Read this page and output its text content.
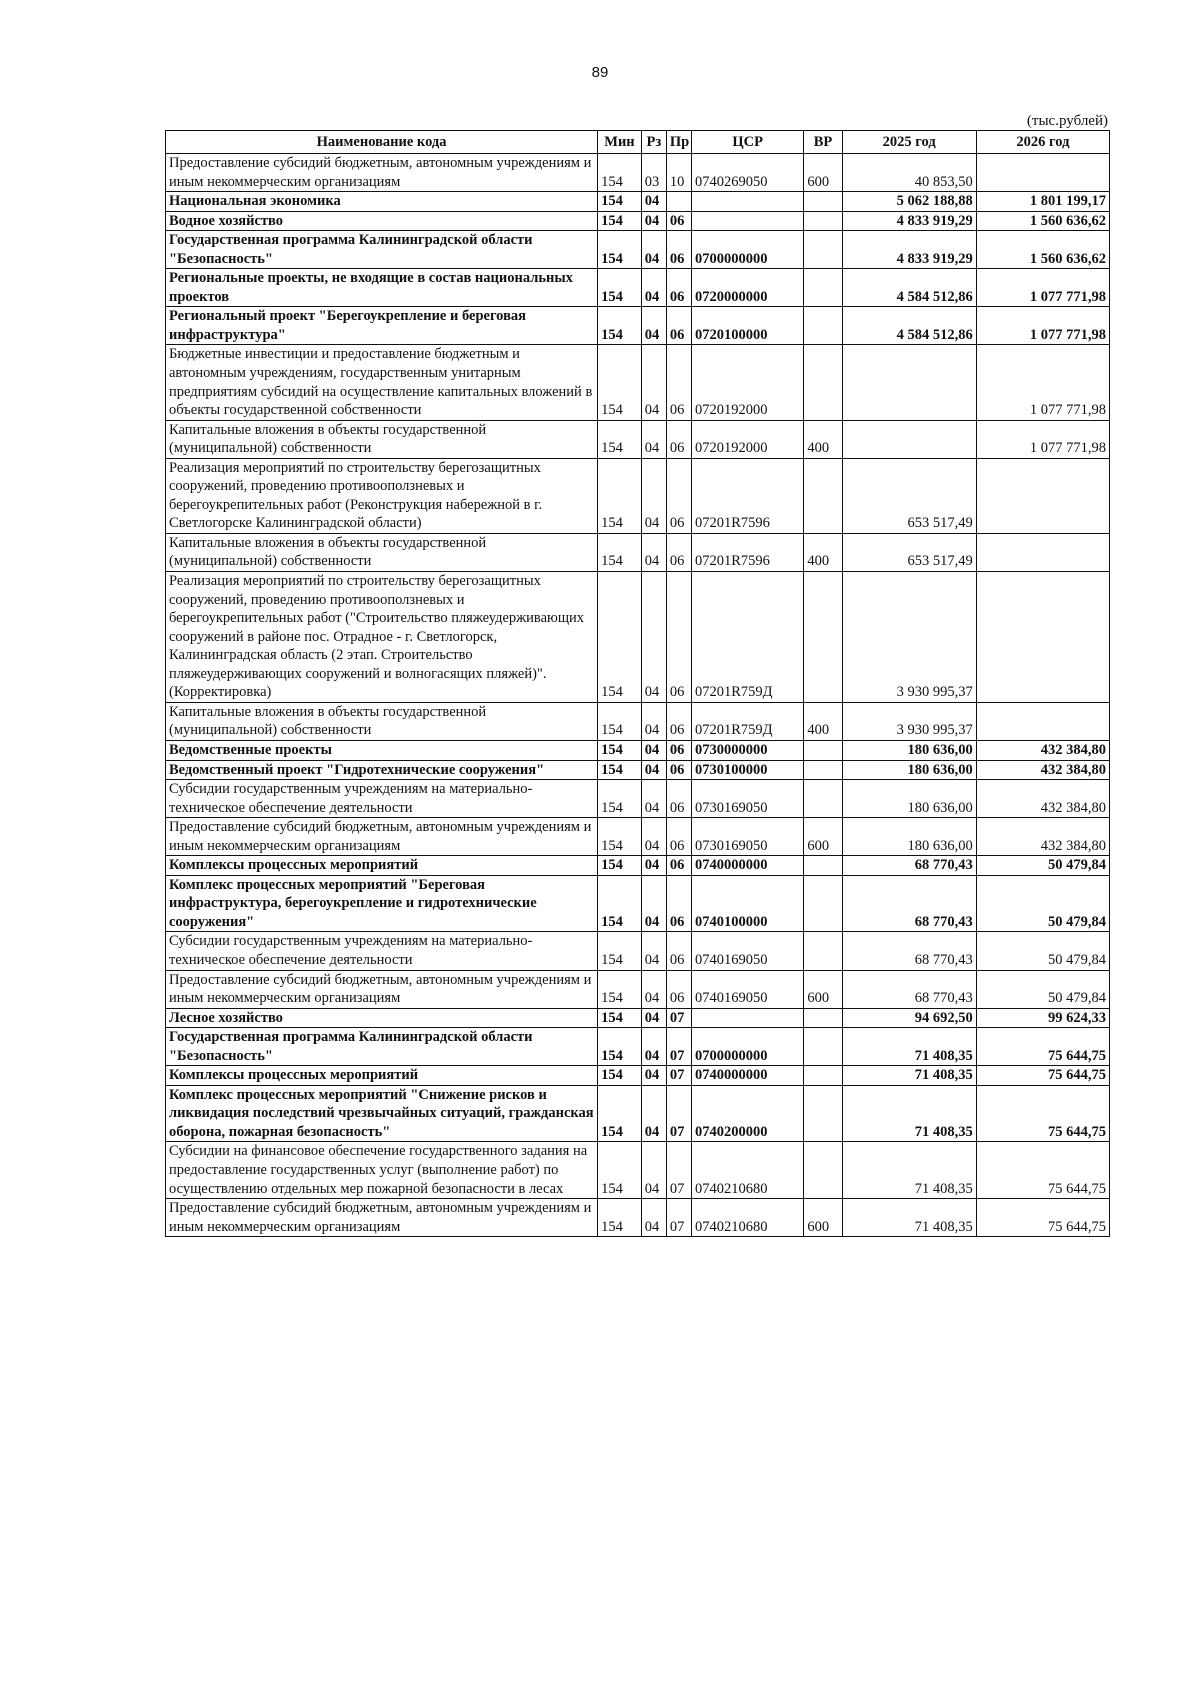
89
(тыс.рублей)
Наименование кода	Мин	Рз	Пр	ЦСР	ВР	2025 год	2026 год
Предоставление субсидий бюджетным, автономным учреждениям и иным некоммерческим организациям	154	03	10	0740269050	600	40 853,50	
Национальная экономика	154	04				5 062 188,88	1 801 199,17
Водное хозяйство	154	04	06			4 833 919,29	1 560 636,62
Государственная программа Калининградской области "Безопасность"	154	04	06	0700000000		4 833 919,29	1 560 636,62
Региональные проекты, не входящие в состав национальных проектов	154	04	06	0720000000		4 584 512,86	1 077 771,98
Региональный проект "Берегоукрепление и береговая инфраструктура"	154	04	06	0720100000		4 584 512,86	1 077 771,98
Бюджетные инвестиции и предоставление бюджетным и автономным учреждениям, государственным унитарным предприятиям субсидий на осуществление капитальных вложений в объекты государственной собственности	154	04	06	0720192000			1 077 771,98
Капитальные вложения в объекты государственной (муниципальной) собственности	154	04	06	0720192000	400		1 077 771,98
Реализация мероприятий по строительству берегозащитных сооружений, проведению противооползневых и берегоукрепительных работ (Реконструкция набережной в г. Светлогорске Калининградской области)	154	04	06	07201R7596		653 517,49	
Капитальные вложения в объекты государственной (муниципальной) собственности	154	04	06	07201R7596	400	653 517,49	
Реализация мероприятий по строительству берегозащитных сооружений, проведению противооползневых и берегоукрепительных работ ("Строительство пляжеудерживающих сооружений в районе пос. Отрадное - г. Светлогорск, Калининградская область (2 этап. Строительство пляжеудерживающих сооружений и волногасящих пляжей)". (Корректировка)	154	04	06	07201R759Д		3 930 995,37	
Капитальные вложения в объекты государственной (муниципальной) собственности	154	04	06	07201R759Д	400	3 930 995,37	
Ведомственные проекты	154	04	06	0730000000		180 636,00	432 384,80
Ведомственный проект "Гидротехнические сооружения"	154	04	06	0730100000		180 636,00	432 384,80
Субсидии государственным учреждениям на материально-техническое обеспечение деятельности	154	04	06	0730169050		180 636,00	432 384,80
Предоставление субсидий бюджетным, автономным учреждениям и иным некоммерческим организациям	154	04	06	0730169050	600	180 636,00	432 384,80
Комплексы процессных мероприятий	154	04	06	0740000000		68 770,43	50 479,84
Комплекс процессных мероприятий "Береговая инфраструктура, берегоукрепление и гидротехнические сооружения"	154	04	06	0740100000		68 770,43	50 479,84
Субсидии государственным учреждениям на материально-техническое обеспечение деятельности	154	04	06	0740169050		68 770,43	50 479,84
Предоставление субсидий бюджетным, автономным учреждениям и иным некоммерческим организациям	154	04	06	0740169050	600	68 770,43	50 479,84
Лесное хозяйство	154	04	07			94 692,50	99 624,33
Государственная программа Калининградской области "Безопасность"	154	04	07	0700000000		71 408,35	75 644,75
Комплексы процессных мероприятий	154	04	07	0740000000		71 408,35	75 644,75
Комплекс процессных мероприятий "Снижение рисков и ликвидация последствий чрезвычайных ситуаций, гражданская оборона, пожарная безопасность"	154	04	07	0740200000		71 408,35	75 644,75
Субсидии на финансовое обеспечение государственного задания на предоставление государственных услуг (выполнение работ) по осуществлению отдельных мер пожарной безопасности в лесах	154	04	07	0740210680		71 408,35	75 644,75
Предоставление субсидий бюджетным, автономным учреждениям и иным некоммерческим организациям	154	04	07	0740210680	600	71 408,35	75 644,75
